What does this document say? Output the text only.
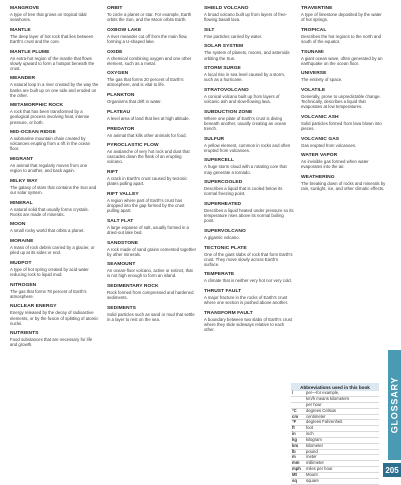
MANGROVE
A type of tree that grows on tropical tidal seashores.
MANTLE
The deep layer of hot rock that lies between Earth's crust and the core.
MANTLE PLUME
An extra-hot region of the mantle that flows slowly upward to form a hotspot beneath the crust.
MEANDER
A natural loop in a river created by the way the banks are built up on one side and eroded on the other.
METAMORPHIC ROCK
A rock that has been transformed by a geological process involving heat, intense pressure, or both.
MID-OCEAN RIDGE
A submarine mountain chain created by volcanoes erupting from a rift in the ocean floor.
MIGRANT
An animal that regularly moves from one region to another, and back again.
MILKY WAY
The galaxy of stars that contains the Sun and our solar system.
MINERAL
A natural solid that usually forms crystals. Rocks are made of minerals.
MOON
A small rocky world that orbits a planet.
MORAINE
A mass of rock debris carried by a glacier, or piled up at its sides or end.
MUDPOT
A type of hot spring created by acid water reducing rock to liquid mud.
NITROGEN
The gas that forms 78 percent of Earth's atmosphere.
NUCLEAR ENERGY
Energy released by the decay of radioactive elements, or by the fusion of splitting of atomic nuclei.
NUTRIENTS
Food substances that are necessary for life and growth.
ORBIT
To circle a planet or star. For example, Earth orbits the Sun, and the Moon orbits Earth.
OXBOW LAKE
A river meander cut off from the main flow, forming a U-shaped lake.
OXIDE
A chemical combining oxygen and one other element, such as a metal.
OXYGEN
The gas that forms 20 percent of Earth's atmosphere, and is vital to life.
PLANKTON
Organisms that drift in water.
PLATEAU
A level area of land that lies at high altitude.
PREDATOR
An animal that kills other animals for food.
PYROCLASTIC FLOW
An avalanche of very hot rock and dust that cascades down the flank of an erupting volcano.
RIFT
A crack in Earth's crust caused by tectonic plates pulling apart.
RIFT VALLEY
A region where part of Earth's crust has dropped into the gap formed by the crust pulling apart.
SALT FLAT
A large expanse of salt, usually formed in a dried-out lake bed.
SANDSTONE
A rock made of sand grains cemented together by other minerals.
SEAMOUNT
An ocean-floor volcano, active or extinct, that is not high enough to form an island.
SEDIMENTARY ROCK
Rock formed from compressed and hardened sediments.
SEDIMENTS
Solid particles such as sand or mud that settle in a layer to rest on the sea.
SHIELD VOLCANO
A broad volcano built up from layers of free-flowing basalt lava.
SILT
Fine particles carried by water.
SOLAR SYSTEM
The system of planets, moons, and asteroids orbiting the Sun.
STORM SURGE
A local rise in sea level caused by a storm, such as a hurricane.
STRATOVOLCANO
A conical volcano built up from layers of volcanic ash and slow-flowing lava.
SUBDUCTION ZONE
Where one plate of Earth's crust is diving beneath another, usually creating an ocean trench.
SULFUR
A yellow element, common in rocks and often erupted from volcanoes.
SUPERCELL
A huge storm cloud with a rotating core that may generate a tornado.
SUPERCOOLED
Describes a liquid that is cooled below its normal freezing point.
SUPERHEATED
Describes a liquid heated under pressure so its temperature rises above its normal boiling point.
SUPERVOLCANO
A gigantic volcano.
TECTONIC PLATE
One of the giant slabs of rock that form Earth's crust. They move slowly across Earth's surface.
TEMPERATE
A climate that is neither very hot nor very cold.
THRUST FAULT
A major fracture in the rocks of Earth's crust where one section is pushed above another.
TRANSFORM FAULT
A boundary between two slabs of Earth's crust where they slide sideways relative to each other.
TRAVERTINE
A type of limestone deposited by the water of hot springs.
TROPICAL
Describes the hot regions to the north and south of the equator.
TSUNAMI
A giant ocean wave, often generated by an earthquake on the ocean floor.
UNIVERSE
The entirety of space.
VOLATILE
Generally, prone to unpredictable change. Technically, describes a liquid that evaporates at low temperatures.
VOLCANIC ASH
Solid particles formed from lava blown into pieces.
VOLCANIC GAS
Gas erupted from volcanoes.
WATER VAPOR
An invisible gas formed when water evaporates into the air.
WEATHERING
The breaking down of rocks and minerals by rain, sunlight, ice, and other climatic effects.
Abbreviations used in this book
/	per—for example,
km/h means kilometers
per hour
°C	degrees Celsius
cm	centimeter
°F	degrees Fahrenheit
ft	foot
in	inch
kg	kilogram
km	kilometer
lb	pound
m	meter
mm	millimeter
mph	miles per hour
Mt	Mount
sq	square
GLOSSARY
205
